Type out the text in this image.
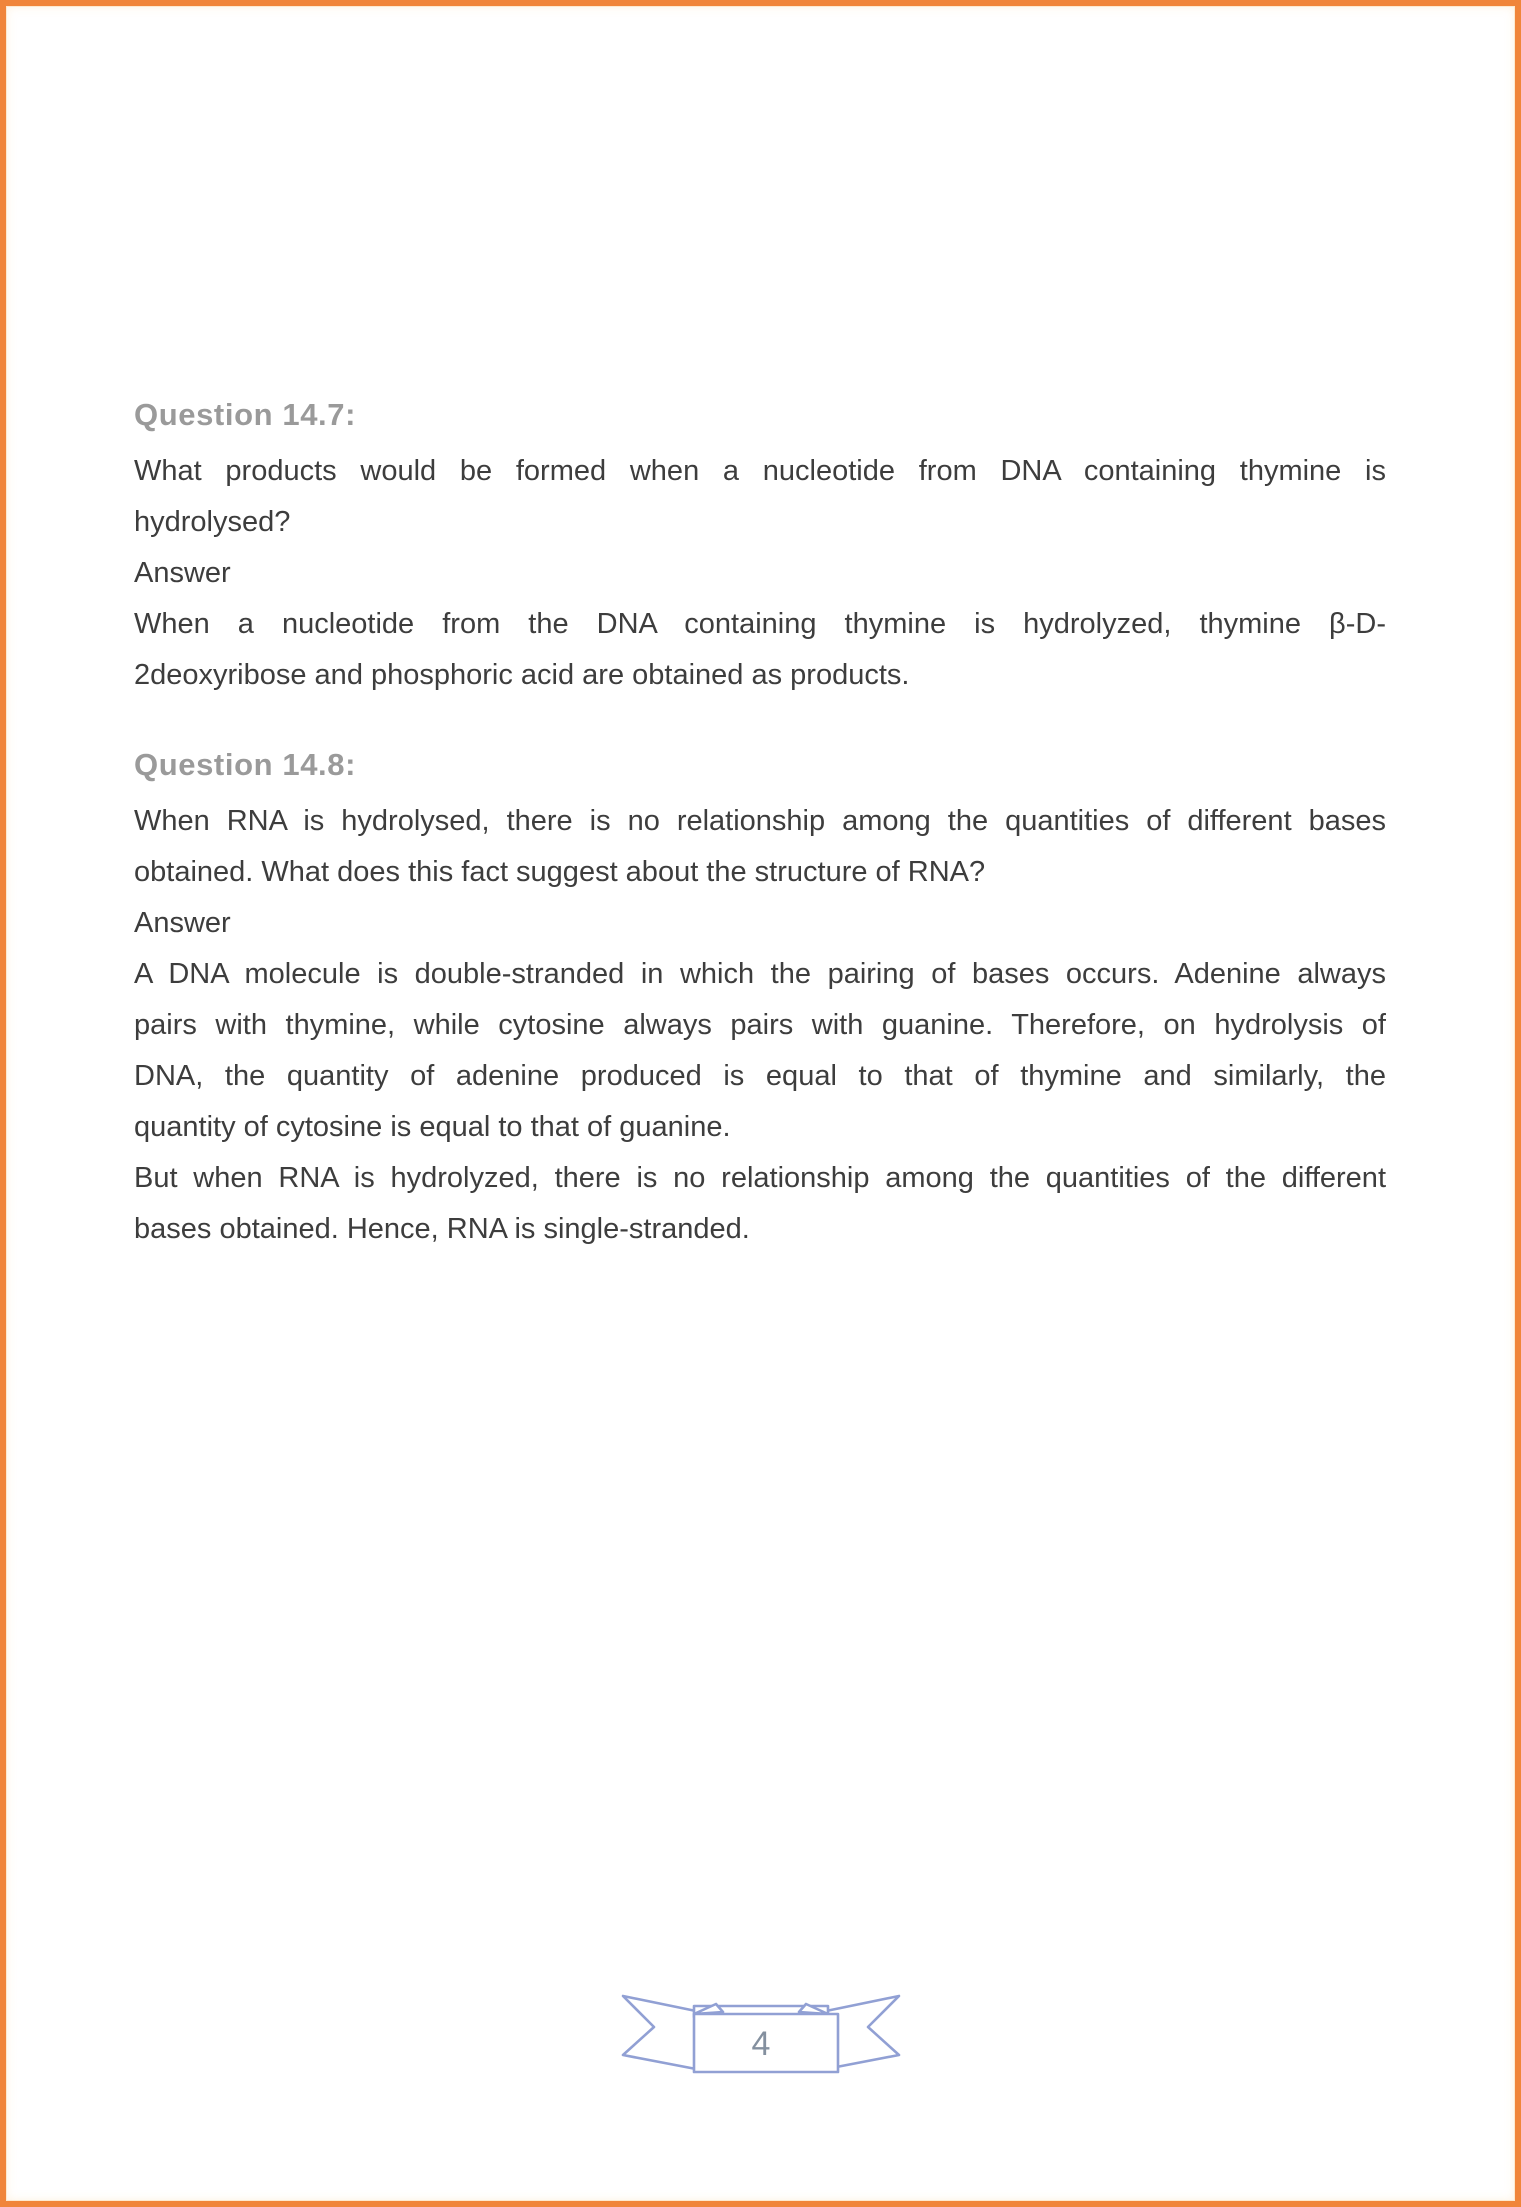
Question 14.7:
What products would be formed when a nucleotide from DNA containing thymine is
hydrolysed?
Answer
When a nucleotide from the DNA containing thymine is hydrolyzed, thymine β-D-
2deoxyribose and phosphoric acid are obtained as products.
Question 14.8:
When RNA is hydrolysed, there is no relationship among the quantities of different bases
obtained. What does this fact suggest about the structure of RNA?
Answer
A DNA molecule is double-stranded in which the pairing of bases occurs. Adenine always
pairs with thymine, while cytosine always pairs with guanine. Therefore, on hydrolysis of
DNA, the quantity of adenine produced is equal to that of thymine and similarly, the
quantity of cytosine is equal to that of guanine.
But when RNA is hydrolyzed, there is no relationship among the quantities of the different
bases obtained. Hence, RNA is single-stranded.
4
